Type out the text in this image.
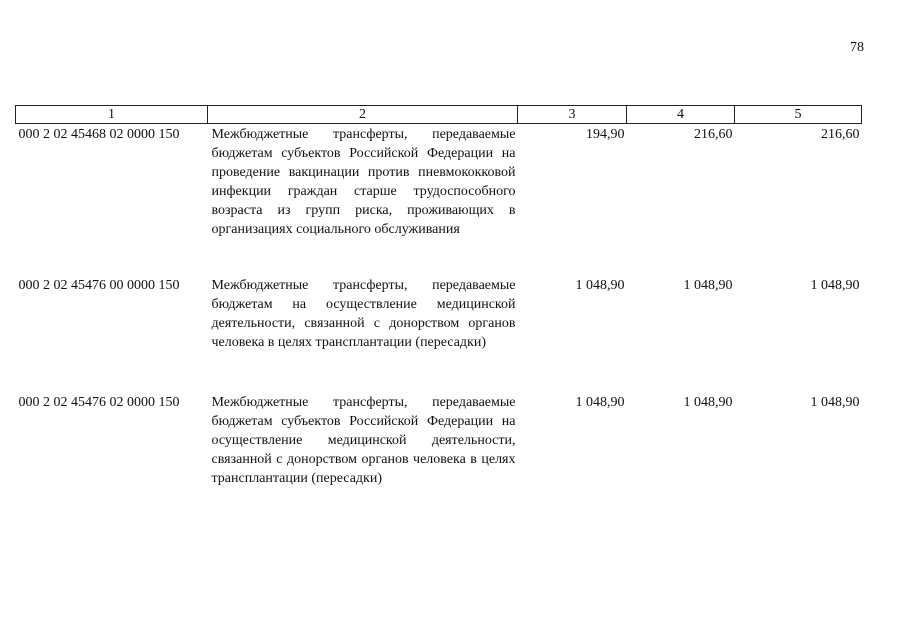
78
1	2	3	4	5
000 2 02 45468 02 0000 150	Межбюджетные трансферты, передаваемые бюджетам субъектов Российской Федерации на проведение вакцинации против пневмококковой инфекции граждан старше трудоспособного возраста из групп риска, проживающих в организациях социального обслуживания	194,90	216,60	216,60
000 2 02 45476 00 0000 150	Межбюджетные трансферты, передаваемые бюджетам на осуществление медицинской деятельности, связанной с донорством органов человека в целях трансплантации (пересадки)	1 048,90	1 048,90	1 048,90
000 2 02 45476 02 0000 150	Межбюджетные трансферты, передаваемые бюджетам субъектов Российской Федерации на осуществление медицинской деятельности, связанной с донорством органов человека в целях трансплантации (пересадки)	1 048,90	1 048,90	1 048,90
